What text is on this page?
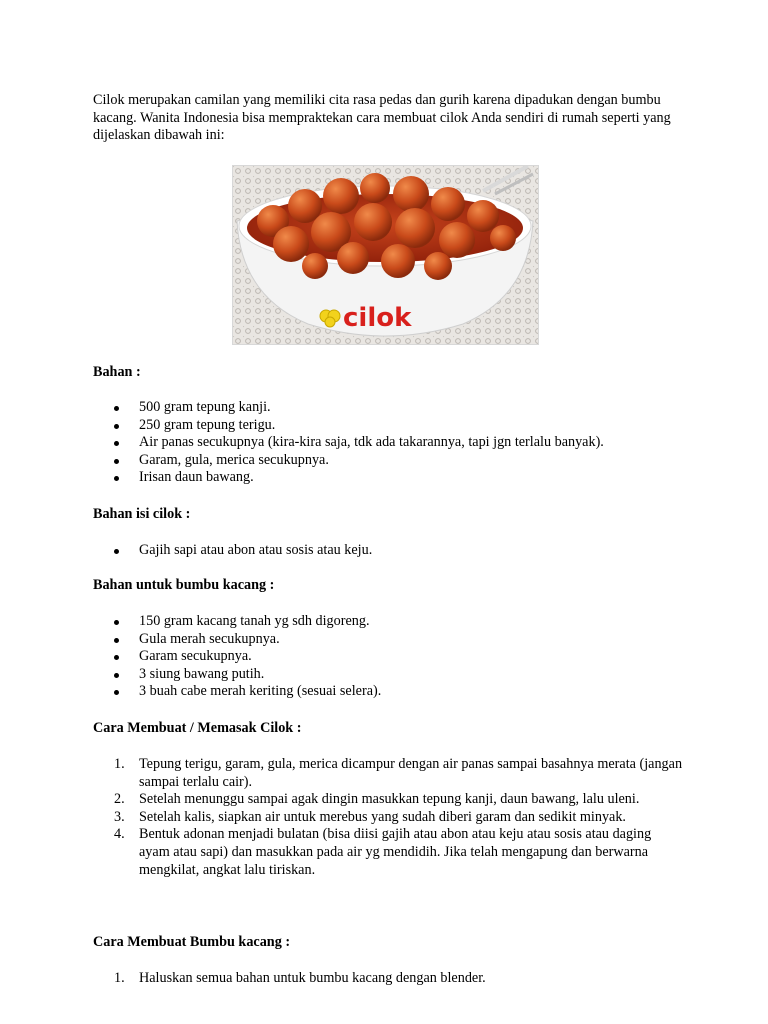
Cilok merupakan camilan yang memiliki cita rasa pedas dan gurih karena dipadukan dengan bumbu kacang. Wanita Indonesia bisa mempraktekan cara membuat cilok Anda sendiri di rumah seperti yang dijelaskan dibawah ini:

cilok

Bahan :

500 gram tepung kanji.
250 gram tepung terigu.
Air panas secukupnya (kira-kira saja, tdk ada takarannya, tapi jgn terlalu banyak).
Garam, gula, merica secukupnya.
Irisan daun bawang.

Bahan isi cilok :

Gajih sapi atau abon atau sosis atau keju.

Bahan untuk bumbu kacang :

150 gram kacang tanah yg sdh digoreng.
Gula merah secukupnya.
Garam secukupnya.
3 siung bawang putih.
3 buah cabe merah keriting (sesuai selera).

Cara Membuat / Memasak Cilok :

1. Tepung terigu, garam, gula, merica dicampur dengan air panas sampai basahnya merata (jangan sampai terlalu cair).
2. Setelah menunggu sampai agak dingin masukkan tepung kanji, daun bawang, lalu uleni.
3. Setelah kalis, siapkan air untuk merebus yang sudah diberi garam dan sedikit minyak.
4. Bentuk adonan menjadi bulatan (bisa diisi gajih atau abon atau keju atau sosis atau daging ayam atau sapi) dan masukkan pada air yg mendidih. Jika telah mengapung dan berwarna mengkilat, angkat lalu tiriskan.

Cara Membuat Bumbu kacang :

1. Haluskan semua bahan untuk bumbu kacang dengan blender.
